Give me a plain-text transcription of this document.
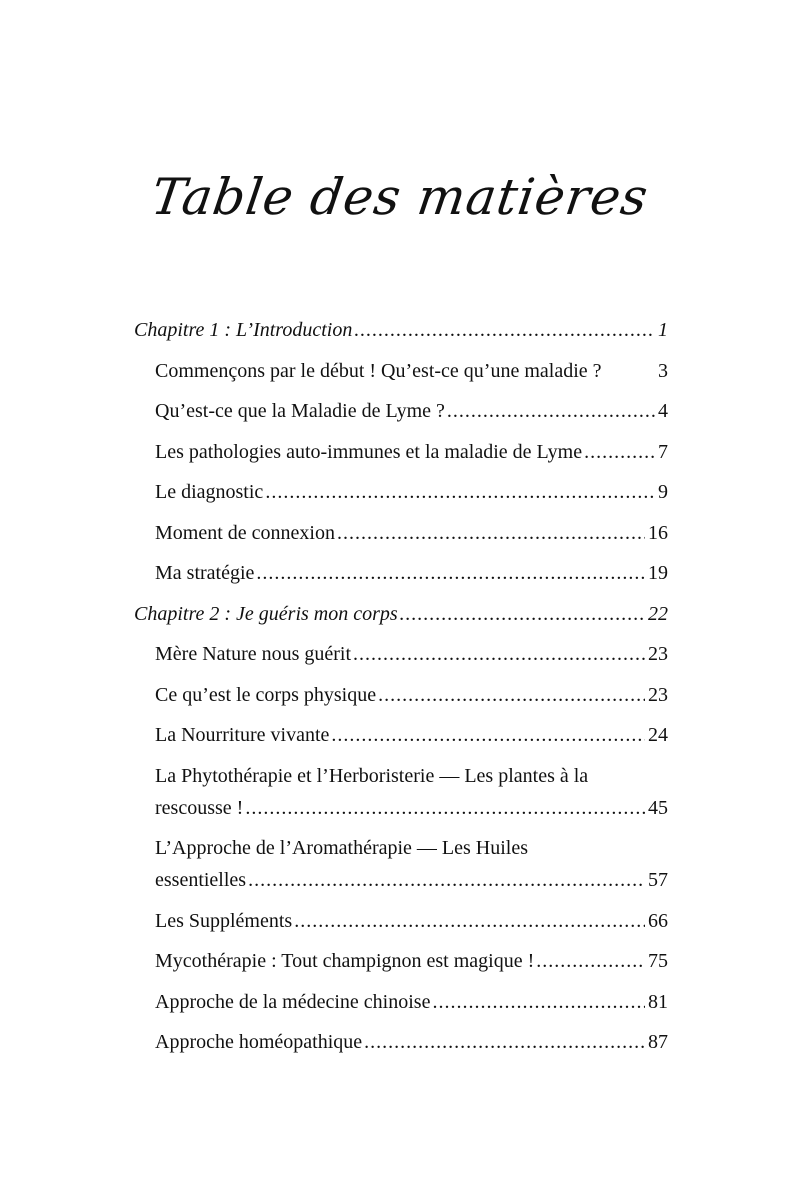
Table des matières
Chapitre 1 : L’Introduction .....	1
Commençons par le début ! Qu’est-ce qu’une maladie ?	3
Qu’est-ce que la Maladie de Lyme ? .....	4
Les pathologies auto-immunes et la maladie de Lyme .....	7
Le diagnostic .....	9
Moment de connexion .....	16
Ma stratégie .....	19
Chapitre 2 : Je guéris mon corps .....	22
Mère Nature nous guérit .....	23
Ce qu’est le corps physique .....	23
La Nourriture vivante .....	24
La Phytothérapie et l’Herboristerie — Les plantes à la
rescousse ! .....	45
L’Approche de l’Aromathérapie — Les Huiles
essentielles .....	57
Les Suppléments .....	66
Mycothérapie : Tout champignon est magique ! .....	75
Approche de la médecine chinoise .....	81
Approche homéopathique .....	87
